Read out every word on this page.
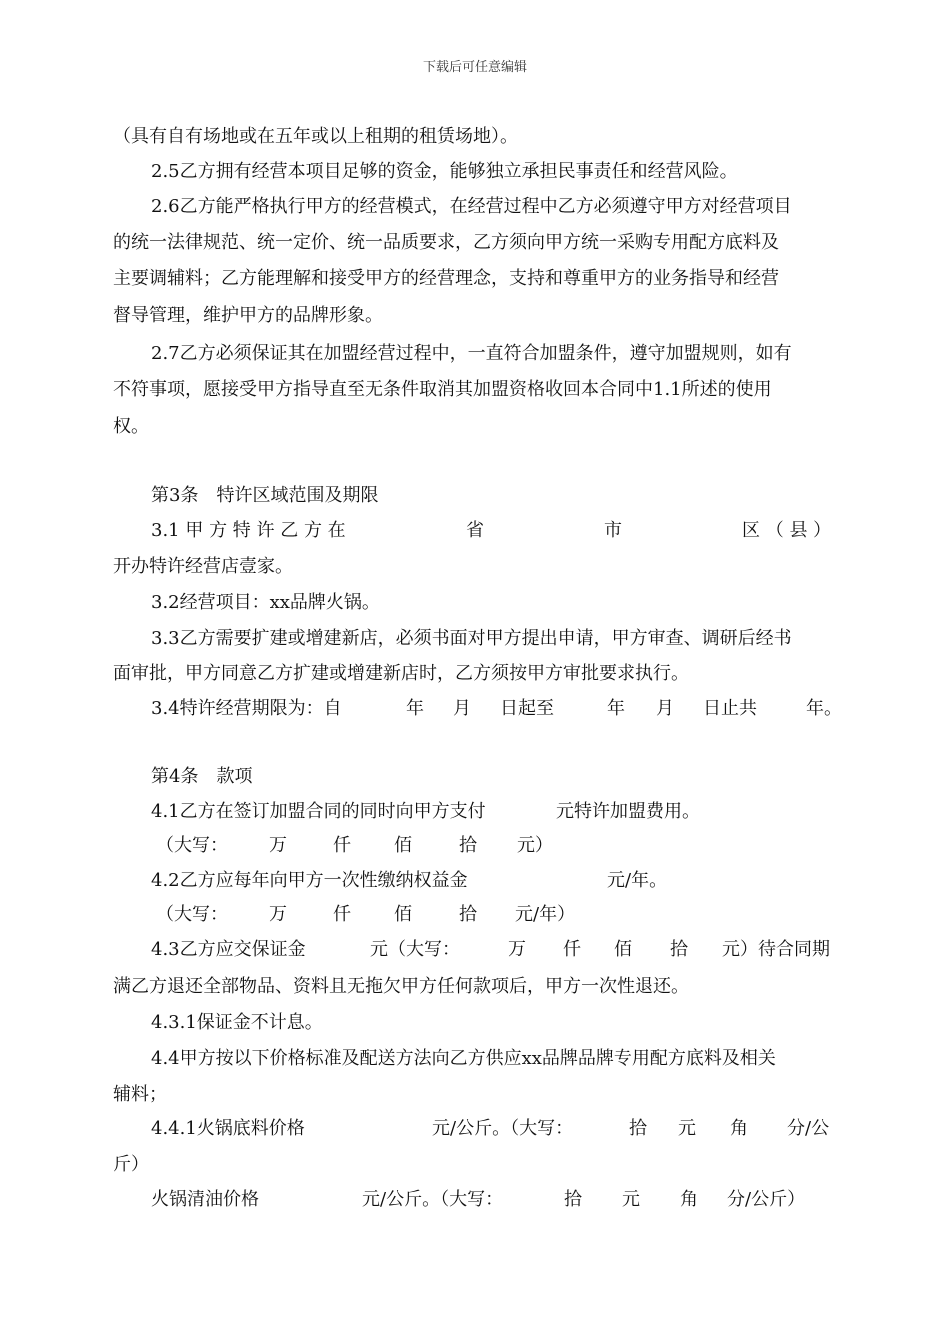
下载后可任意编辑
（具有自有场地或在五年或以上租期的租赁场地）。
2.5乙方拥有经营本项目足够的资金，能够独立承担民事责任和经营风险。
2.6乙方能严格执行甲方的经营模式，在经营过程中乙方必须遵守甲方对经营项目
的统一法律规范、统一定价、统一品质要求，乙方须向甲方统一采购专用配方底料及
主要调辅料；乙方能理解和接受甲方的经营理念，支持和尊重甲方的业务指导和经营
督导管理，维护甲方的品牌形象。
2.7乙方必须保证其在加盟经营过程中，一直符合加盟条件，遵守加盟规则，如有
不符事项，愿接受甲方指导直至无条件取消其加盟资格收回本合同中1.1所述的使用
权。
第3条　特许区域范围及期限
3.1 甲 方 特 许 乙 方 在	省	市	区 （ 县 ）
开办特许经营店壹家。
3.2经营项目：xx品牌火锅。
3.3乙方需要扩建或增建新店，必须书面对甲方提出申请，甲方审查、调研后经书
面审批，甲方同意乙方扩建或增建新店时，乙方须按甲方审批要求执行。
3.4特许经营期限为：自	年 月 日起至	年 月 日止共	年。
第4条　款项
4.1乙方在签订加盟合同的同时向甲方支付	元特许加盟费用。
（大写： 万	仟 佰	拾 元）
4.2乙方应每年向甲方一次性缴纳权益金	元/年。
（大写： 万	仟 佰	拾 元/年）
4.3乙方应交保证金	元（大写：	万 仟 佰 拾 元）待合同期
满乙方退还全部物品、资料且无拖欠甲方任何款项后，甲方一次性退还。
4.3.1保证金不计息。
4.4甲方按以下价格标准及配送方法向乙方供应xx品牌品牌专用配方底料及相关
辅料；
4.4.1火锅底料价格	元/公斤。（大写：	拾 元 角 分/公
斤）
火锅清油价格	元/公斤。（大写：	拾 元 角 分/公斤）
